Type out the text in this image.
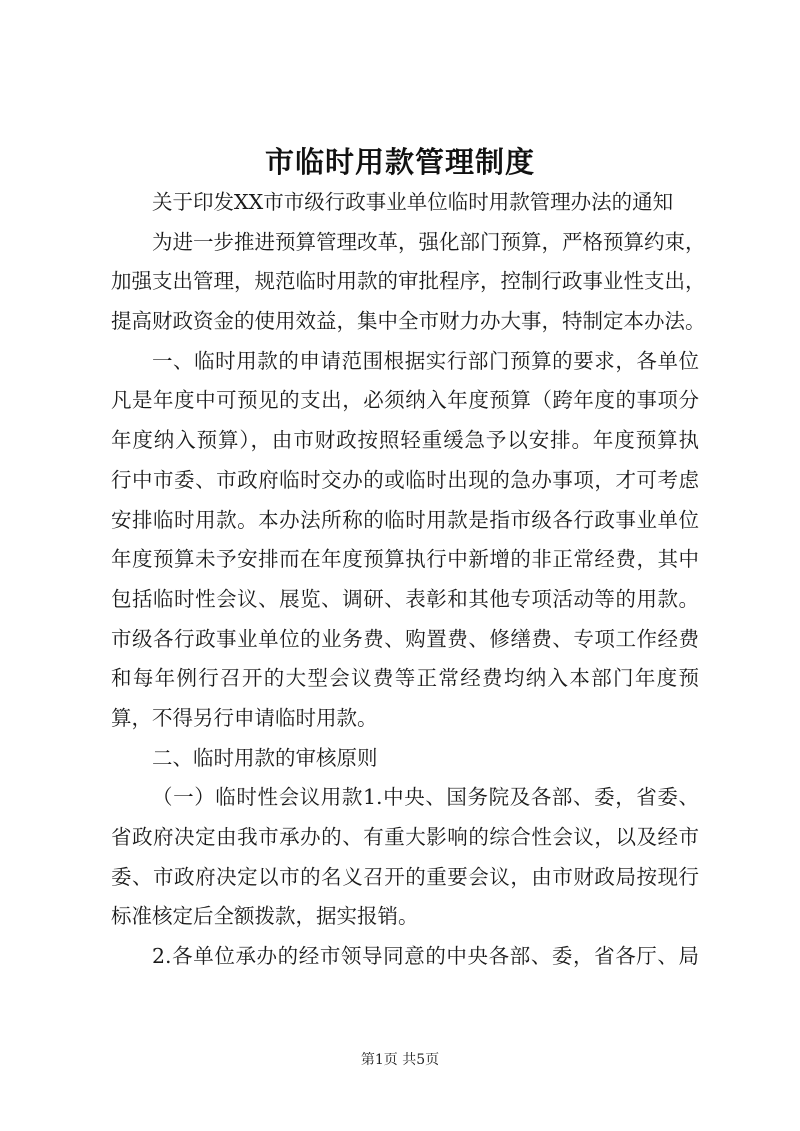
市临时用款管理制度
关于印发XX市市级行政事业单位临时用款管理办法的通知
为进一步推进预算管理改革，强化部门预算，严格预算约束，
加强支出管理，规范临时用款的审批程序，控制行政事业性支出，
提高财政资金的使用效益，集中全市财力办大事，特制定本办法。
一、临时用款的申请范围根据实行部门预算的要求，各单位
凡是年度中可预见的支出，必须纳入年度预算（跨年度的事项分
年度纳入预算），由市财政按照轻重缓急予以安排。年度预算执
行中市委、市政府临时交办的或临时出现的急办事项，才可考虑
安排临时用款。本办法所称的临时用款是指市级各行政事业单位
年度预算未予安排而在年度预算执行中新增的非正常经费，其中
包括临时性会议、展览、调研、表彰和其他专项活动等的用款。
市级各行政事业单位的业务费、购置费、修缮费、专项工作经费
和每年例行召开的大型会议费等正常经费均纳入本部门年度预
算，不得另行申请临时用款。
二、临时用款的审核原则
（一）临时性会议用款1.中央、国务院及各部、委，省委、
省政府决定由我市承办的、有重大影响的综合性会议，以及经市
委、市政府决定以市的名义召开的重要会议，由市财政局按现行
标准核定后全额拨款，据实报销。
2.各单位承办的经市领导同意的中央各部、委，省各厅、局
第1页 共5页
